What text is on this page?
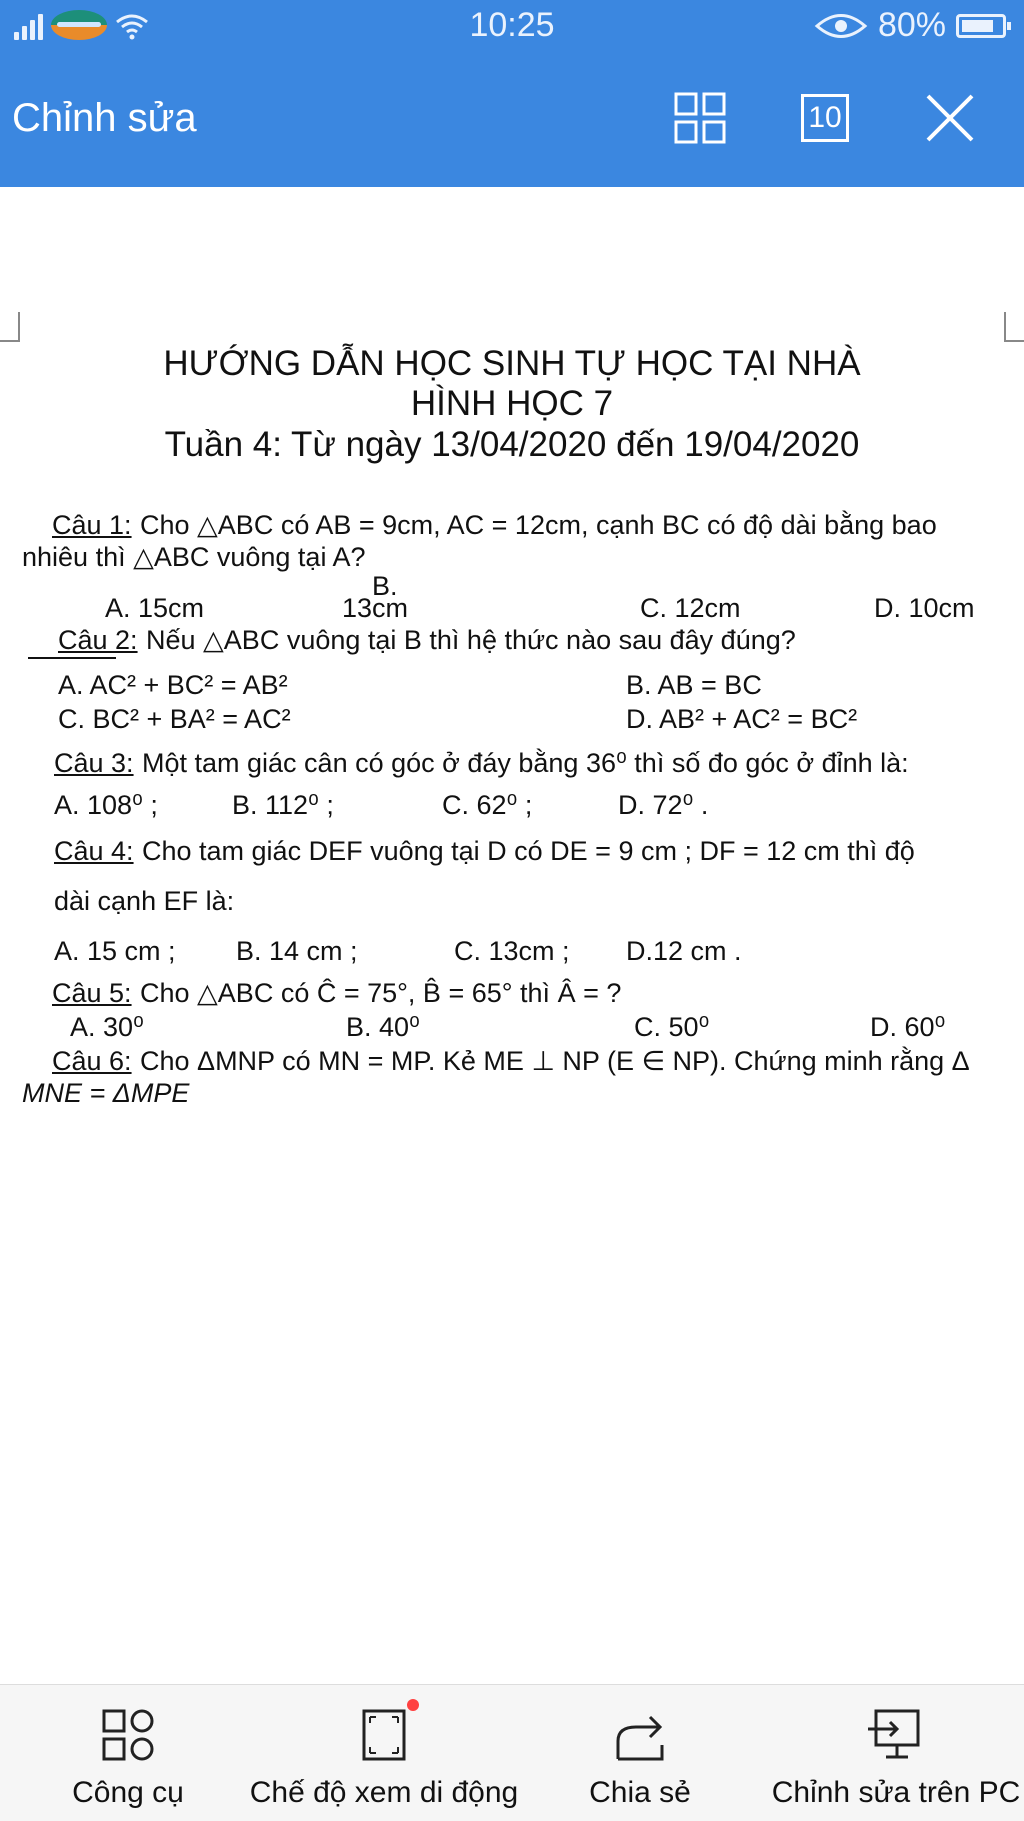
10:25	80%
Chỉnh sửa	10
HƯỚNG DẪN HỌC SINH TỰ HỌC TẠI NHÀ
HÌNH HỌC 7
Tuần 4: Từ ngày 13/04/2020 đến 19/04/2020
Câu 1: Cho △ABC có AB = 9cm, AC = 12cm, cạnh BC có độ dài bằng bao
nhiêu thì △ABC vuông tại A?
A. 15cm
B.
13cm	C. 12cm	D. 10cm
Câu 2: Nếu △ABC vuông tại B thì hệ thức nào sau đây đúng?
A. AC² + BC² = AB²	B. AB = BC
C. BC² + BA² = AC²	D. AB² + AC² = BC²
Câu 3: Một tam giác cân có góc ở đáy bằng 36⁰ thì số đo góc ở đỉnh là:
A. 108⁰ ;	B. 112⁰ ;	C. 62⁰ ;	D. 72⁰ .
Câu 4: Cho tam giác DEF vuông tại D có DE = 9 cm ; DF = 12 cm thì độ
dài cạnh EF là:
A. 15 cm ; B. 14 cm ;	C. 13cm ; D.12 cm .
Câu 5: Cho △ABC có Ĉ = 75°, B̂ = 65° thì Â = ?
A. 30⁰	B. 40⁰	C. 50⁰	D. 60⁰
Câu 6: Cho ΔMNP có MN = MP. Kẻ ME ⊥ NP (E ∈ NP). Chứng minh rằng Δ
MNE = ΔMPE
Công cụ	Chế độ xem di động	Chia sẻ	Chỉnh sửa trên PC
